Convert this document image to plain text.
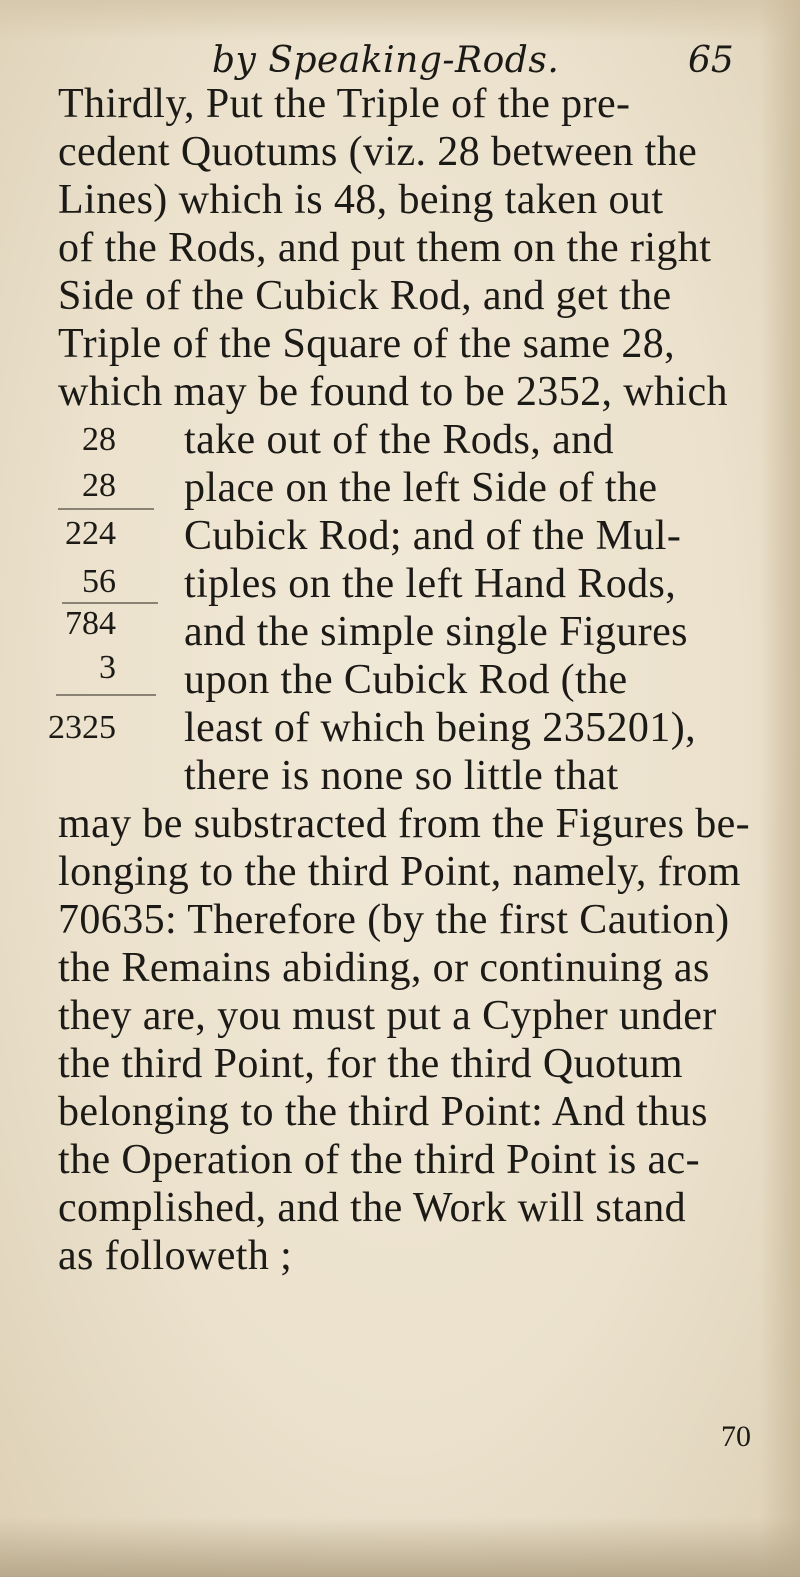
by Speaking-Rods.	65
Thirdly, Put the Triple of the pre-
cedent Quotums (viz. 28 between the
Lines) which is 48, being taken out
of the Rods, and put them on the right
Side of the Cubick Rod, and get the
Triple of the Square of the same 28,
which may be found to be 2352, which
28
28
224
56
784
3
2325
take out of the Rods, and
place on the left Side of the
Cubick Rod; and of the Mul-
tiples on the left Hand Rods,
and the simple single Figures
upon the Cubick Rod (the
least of which being 235201),
there is none so little that
may be substracted from the Figures be-
longing to the third Point, namely, from
70635: Therefore (by the first Caution)
the Remains abiding, or continuing as
they are, you must put a Cypher under
the third Point, for the third Quotum
belonging to the third Point: And thus
the Operation of the third Point is ac-
complished, and the Work will stand
as followeth ;
70
